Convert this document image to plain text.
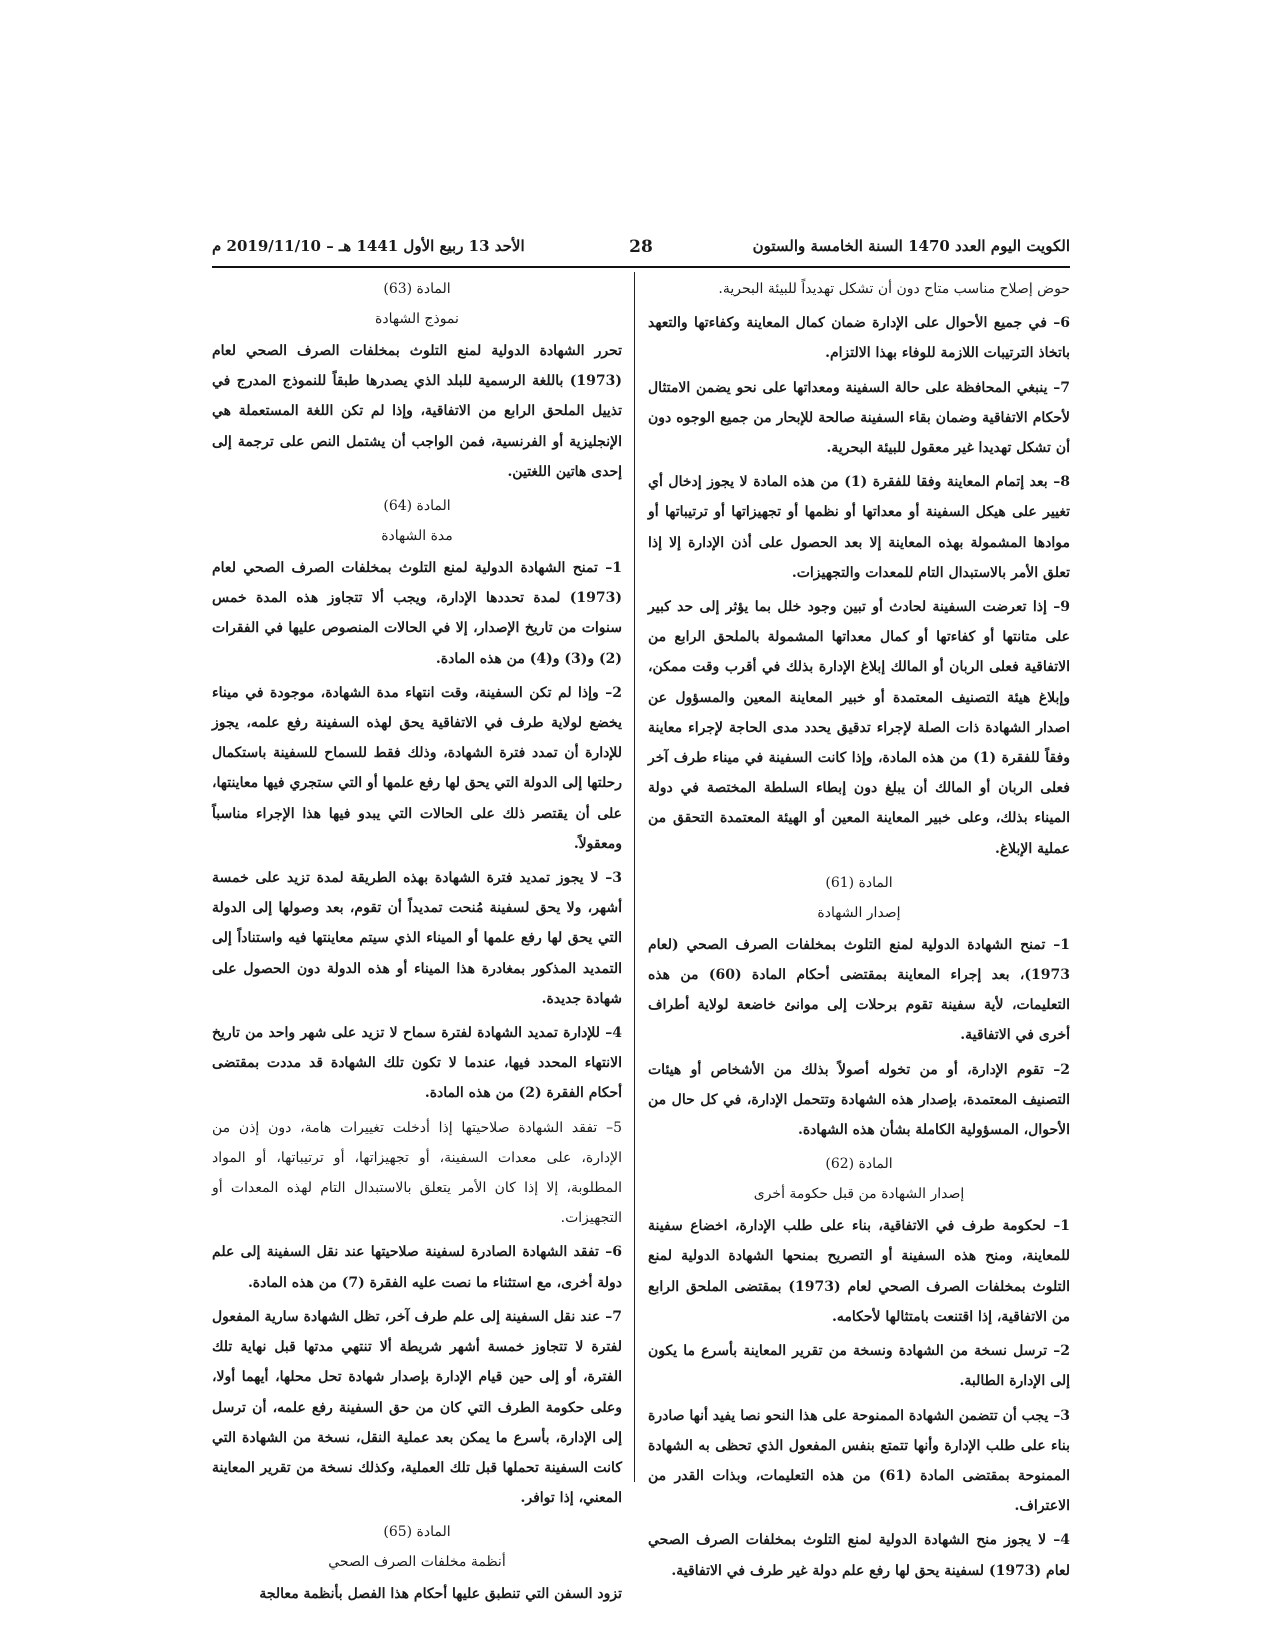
الكويت اليوم العدد 1470 السنة الخامسة والستون
28
الأحد 13 ربيع الأول 1441 هـ – 2019/11/10 م

حوض إصلاح مناسب متاح دون أن تشكل تهديداً للبيئة البحرية.

6– في جميع الأحوال على الإدارة ضمان كمال المعاينة وكفاءتها والتعهد باتخاذ الترتيبات اللازمة للوفاء بهذا الالتزام.

7– ينبغي المحافظة على حالة السفينة ومعداتها على نحو يضمن الامتثال لأحكام الاتفاقية وضمان بقاء السفينة صالحة للإبحار من جميع الوجوه دون أن تشكل تهديدا غير معقول للبيئة البحرية.

8– بعد إتمام المعاينة وفقا للفقرة (1) من هذه المادة لا يجوز إدخال أي تغيير على هيكل السفينة أو معداتها أو نظمها أو تجهيزاتها أو ترتيباتها أو موادها المشمولة بهذه المعاينة إلا بعد الحصول على أذن الإدارة إلا إذا تعلق الأمر بالاستبدال التام للمعدات والتجهيزات.

9– إذا تعرضت السفينة لحادث أو تبين وجود خلل بما يؤثر إلى حد كبير على متانتها أو كفاءتها أو كمال معداتها المشمولة بالملحق الرابع من الاتفاقية فعلى الربان أو المالك إبلاغ الإدارة بذلك في أقرب وقت ممكن، وإبلاغ هيئة التصنيف المعتمدة أو خبير المعاينة المعين والمسؤول عن اصدار الشهادة ذات الصلة لإجراء تدقيق يحدد مدى الحاجة لإجراء معاينة وفقاً للفقرة (1) من هذه المادة، وإذا كانت السفينة في ميناء طرف آخر فعلى الربان أو المالك أن يبلغ دون إبطاء السلطة المختصة في دولة الميناء بذلك، وعلى خبير المعاينة المعين أو الهيئة المعتمدة التحقق من عملية الإبلاغ.

المادة (61)
إصدار الشهادة

1– تمنح الشهادة الدولية لمنع التلوث بمخلفات الصرف الصحي (لعام 1973)، بعد إجراء المعاينة بمقتضى أحكام المادة (60) من هذه التعليمات، لأية سفينة تقوم برحلات إلى موانئ خاضعة لولاية أطراف أخرى في الاتفاقية.

2– تقوم الإدارة، أو من تخوله أصولاً بذلك من الأشخاص أو هيئات التصنيف المعتمدة، بإصدار هذه الشهادة وتتحمل الإدارة، في كل حال من الأحوال، المسؤولية الكاملة بشأن هذه الشهادة.

المادة (62)
إصدار الشهادة من قبل حكومة أخرى

1– لحكومة طرف في الاتفاقية، بناء على طلب الإدارة، اخضاع سفينة للمعاينة، ومنح هذه السفينة أو التصريح بمنحها الشهادة الدولية لمنع التلوث بمخلفات الصرف الصحي لعام (1973) بمقتضى الملحق الرابع من الاتفاقية، إذا اقتنعت بامتثالها لأحكامه.

2– ترسل نسخة من الشهادة ونسخة من تقرير المعاينة بأسرع ما يكون إلى الإدارة الطالبة.

3– يجب أن تتضمن الشهادة الممنوحة على هذا النحو نصا يفيد أنها صادرة بناء على طلب الإدارة وأنها تتمتع بنفس المفعول الذي تحظى به الشهادة الممنوحة بمقتضى المادة (61) من هذه التعليمات، وبذات القدر من الاعتراف.

4– لا يجوز منح الشهادة الدولية لمنع التلوث بمخلفات الصرف الصحي لعام (1973) لسفينة يحق لها رفع علم دولة غير طرف في الاتفاقية.

المادة (63)
نموذج الشهادة

تحرر الشهادة الدولية لمنع التلوث بمخلفات الصرف الصحي لعام (1973) باللغة الرسمية للبلد الذي يصدرها طبقاً للنموذج المدرج في تذييل الملحق الرابع من الاتفاقية، وإذا لم تكن اللغة المستعملة هي الإنجليزية أو الفرنسية، فمن الواجب أن يشتمل النص على ترجمة إلى إحدى هاتين اللغتين.

المادة (64)
مدة الشهادة

1– تمنح الشهادة الدولية لمنع التلوث بمخلفات الصرف الصحي لعام (1973) لمدة تحددها الإدارة، ويجب ألا تتجاوز هذه المدة خمس سنوات من تاريخ الإصدار، إلا في الحالات المنصوص عليها في الفقرات (2) و(3) و(4) من هذه المادة.

2– وإذا لم تكن السفينة، وقت انتهاء مدة الشهادة، موجودة في ميناء يخضع لولاية طرف في الاتفاقية يحق لهذه السفينة رفع علمه، يجوز للإدارة أن تمدد فترة الشهادة، وذلك فقط للسماح للسفينة باستكمال رحلتها إلى الدولة التي يحق لها رفع علمها أو التي ستجري فيها معاينتها، على أن يقتصر ذلك على الحالات التي يبدو فيها هذا الإجراء مناسباً ومعقولاً.

3– لا يجوز تمديد فترة الشهادة بهذه الطريقة لمدة تزيد على خمسة أشهر، ولا يحق لسفينة مُنحت تمديداً أن تقوم، بعد وصولها إلى الدولة التي يحق لها رفع علمها أو الميناء الذي سيتم معاينتها فيه واستناداً إلى التمديد المذكور بمغادرة هذا الميناء أو هذه الدولة دون الحصول على شهادة جديدة.

4– للإدارة تمديد الشهادة لفترة سماح لا تزيد على شهر واحد من تاريخ الانتهاء المحدد فيها، عندما لا تكون تلك الشهادة قد مددت بمقتضى أحكام الفقرة (2) من هذه المادة.

5– تفقد الشهادة صلاحيتها إذا أدخلت تغييرات هامة، دون إذن من الإدارة، على معدات السفينة، أو تجهيزاتها، أو ترتيباتها، أو المواد المطلوبة، إلا إذا كان الأمر يتعلق بالاستبدال التام لهذه المعدات أو التجهيزات.

6– تفقد الشهادة الصادرة لسفينة صلاحيتها عند نقل السفينة إلى علم دولة أخرى، مع استثناء ما نصت عليه الفقرة (7) من هذه المادة.

7– عند نقل السفينة إلى علم طرف آخر، تظل الشهادة سارية المفعول لفترة لا تتجاوز خمسة أشهر شريطة ألا تنتهي مدتها قبل نهاية تلك الفترة، أو إلى حين قيام الإدارة بإصدار شهادة تحل محلها، أيهما أولا، وعلى حكومة الطرف التي كان من حق السفينة رفع علمه، أن ترسل إلى الإدارة، بأسرع ما يمكن بعد عملية النقل، نسخة من الشهادة التي كانت السفينة تحملها قبل تلك العملية، وكذلك نسخة من تقرير المعاينة المعني، إذا توافر.

المادة (65)
أنظمة مخلفات الصرف الصحي

تزود السفن التي تنطبق عليها أحكام هذا الفصل بأنظمة معالجة
